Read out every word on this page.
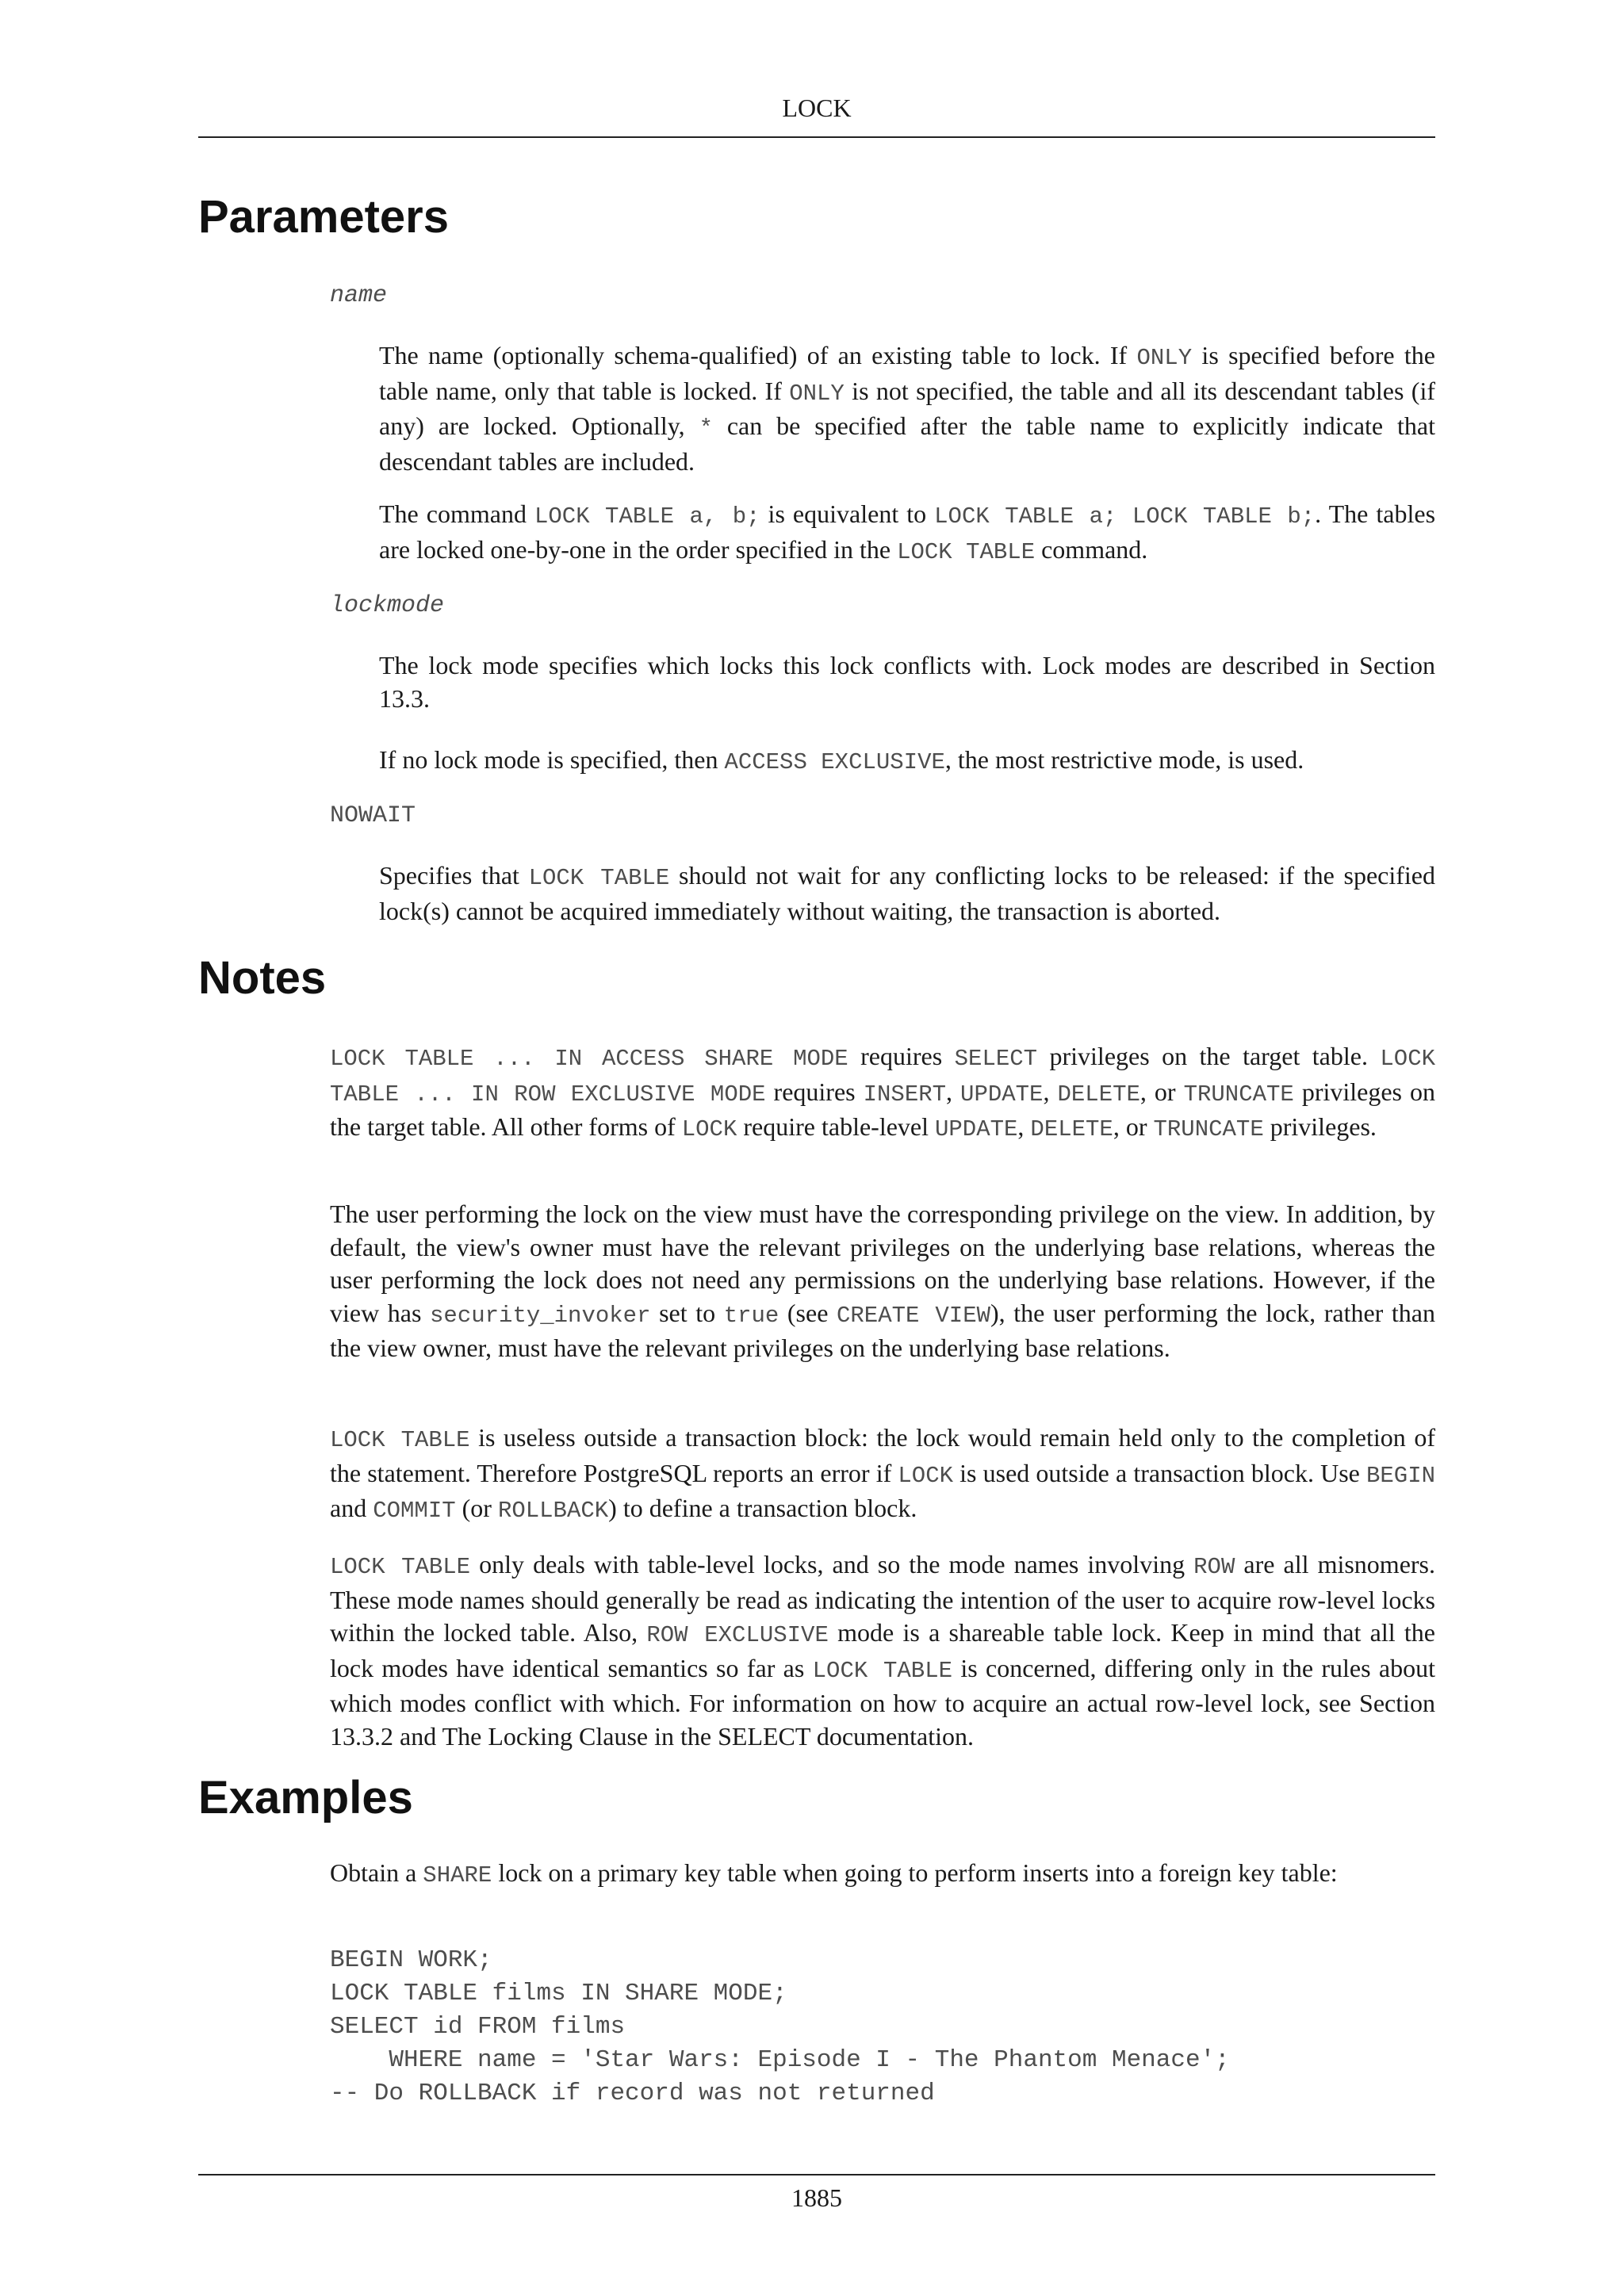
LOCK
Parameters
name

The name (optionally schema-qualified) of an existing table to lock. If ONLY is specified before the table name, only that table is locked. If ONLY is not specified, the table and all its descendant tables (if any) are locked. Optionally, * can be specified after the table name to explicitly indicate that descendant tables are included.

The command LOCK TABLE a, b; is equivalent to LOCK TABLE a; LOCK TABLE b;. The tables are locked one-by-one in the order specified in the LOCK TABLE command.

lockmode

The lock mode specifies which locks this lock conflicts with. Lock modes are described in Section 13.3.

If no lock mode is specified, then ACCESS EXCLUSIVE, the most restrictive mode, is used.

NOWAIT

Specifies that LOCK TABLE should not wait for any conflicting locks to be released: if the specified lock(s) cannot be acquired immediately without waiting, the transaction is aborted.

Notes

LOCK TABLE ... IN ACCESS SHARE MODE requires SELECT privileges on the target table. LOCK TABLE ... IN ROW EXCLUSIVE MODE requires INSERT, UPDATE, DELETE, or TRUNCATE privileges on the target table. All other forms of LOCK require table-level UPDATE, DELETE, or TRUNCATE privileges.

The user performing the lock on the view must have the corresponding privilege on the view. In addition, by default, the view's owner must have the relevant privileges on the underlying base relations, whereas the user performing the lock does not need any permissions on the underlying base relations. However, if the view has security_invoker set to true (see CREATE VIEW), the user performing the lock, rather than the view owner, must have the relevant privileges on the underlying base relations.

LOCK TABLE is useless outside a transaction block: the lock would remain held only to the completion of the statement. Therefore PostgreSQL reports an error if LOCK is used outside a transaction block. Use BEGIN and COMMIT (or ROLLBACK) to define a transaction block.

LOCK TABLE only deals with table-level locks, and so the mode names involving ROW are all misnomers. These mode names should generally be read as indicating the intention of the user to acquire row-level locks within the locked table. Also, ROW EXCLUSIVE mode is a shareable table lock. Keep in mind that all the lock modes have identical semantics so far as LOCK TABLE is concerned, differing only in the rules about which modes conflict with which. For information on how to acquire an actual row-level lock, see Section 13.3.2 and The Locking Clause in the SELECT documentation.

Examples

Obtain a SHARE lock on a primary key table when going to perform inserts into a foreign key table:

BEGIN WORK;
LOCK TABLE films IN SHARE MODE;
SELECT id FROM films
WHERE name = 'Star Wars: Episode I - The Phantom Menace';
-- Do ROLLBACK if record was not returned
1885
